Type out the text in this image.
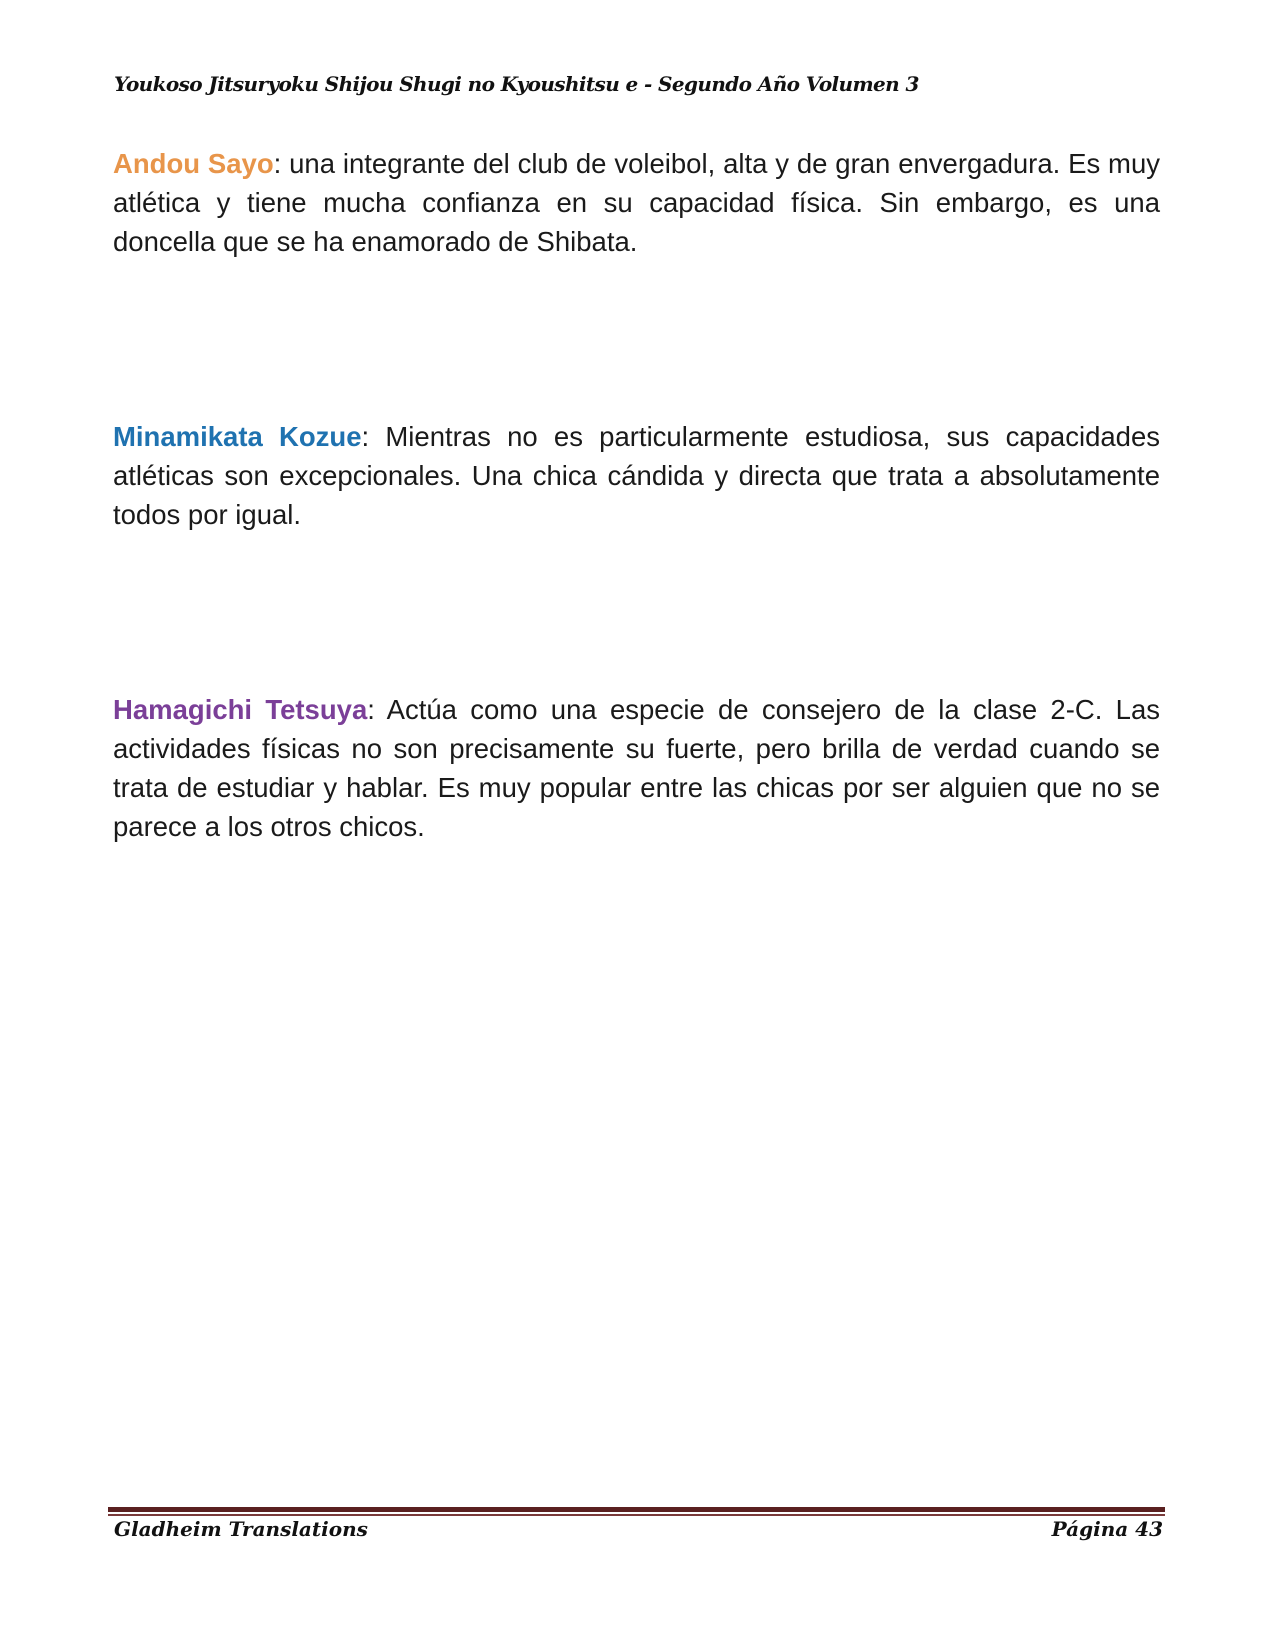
Youkoso Jitsuryoku Shijou Shugi no Kyoushitsu e - Segundo Año Volumen 3

Andou Sayo: una integrante del club de voleibol, alta y de gran envergadura. Es muy atlética y tiene mucha confianza en su capacidad física. Sin embargo, es una doncella que se ha enamorado de Shibata.

Minamikata Kozue: Mientras no es particularmente estudiosa, sus capacidades atléticas son excepcionales. Una chica cándida y directa que trata a absolutamente todos por igual.

Hamagichi Tetsuya: Actúa como una especie de consejero de la clase 2-C. Las actividades físicas no son precisamente su fuerte, pero brilla de verdad cuando se trata de estudiar y hablar. Es muy popular entre las chicas por ser alguien que no se parece a los otros chicos.

Gladheim Translations	Página 43
